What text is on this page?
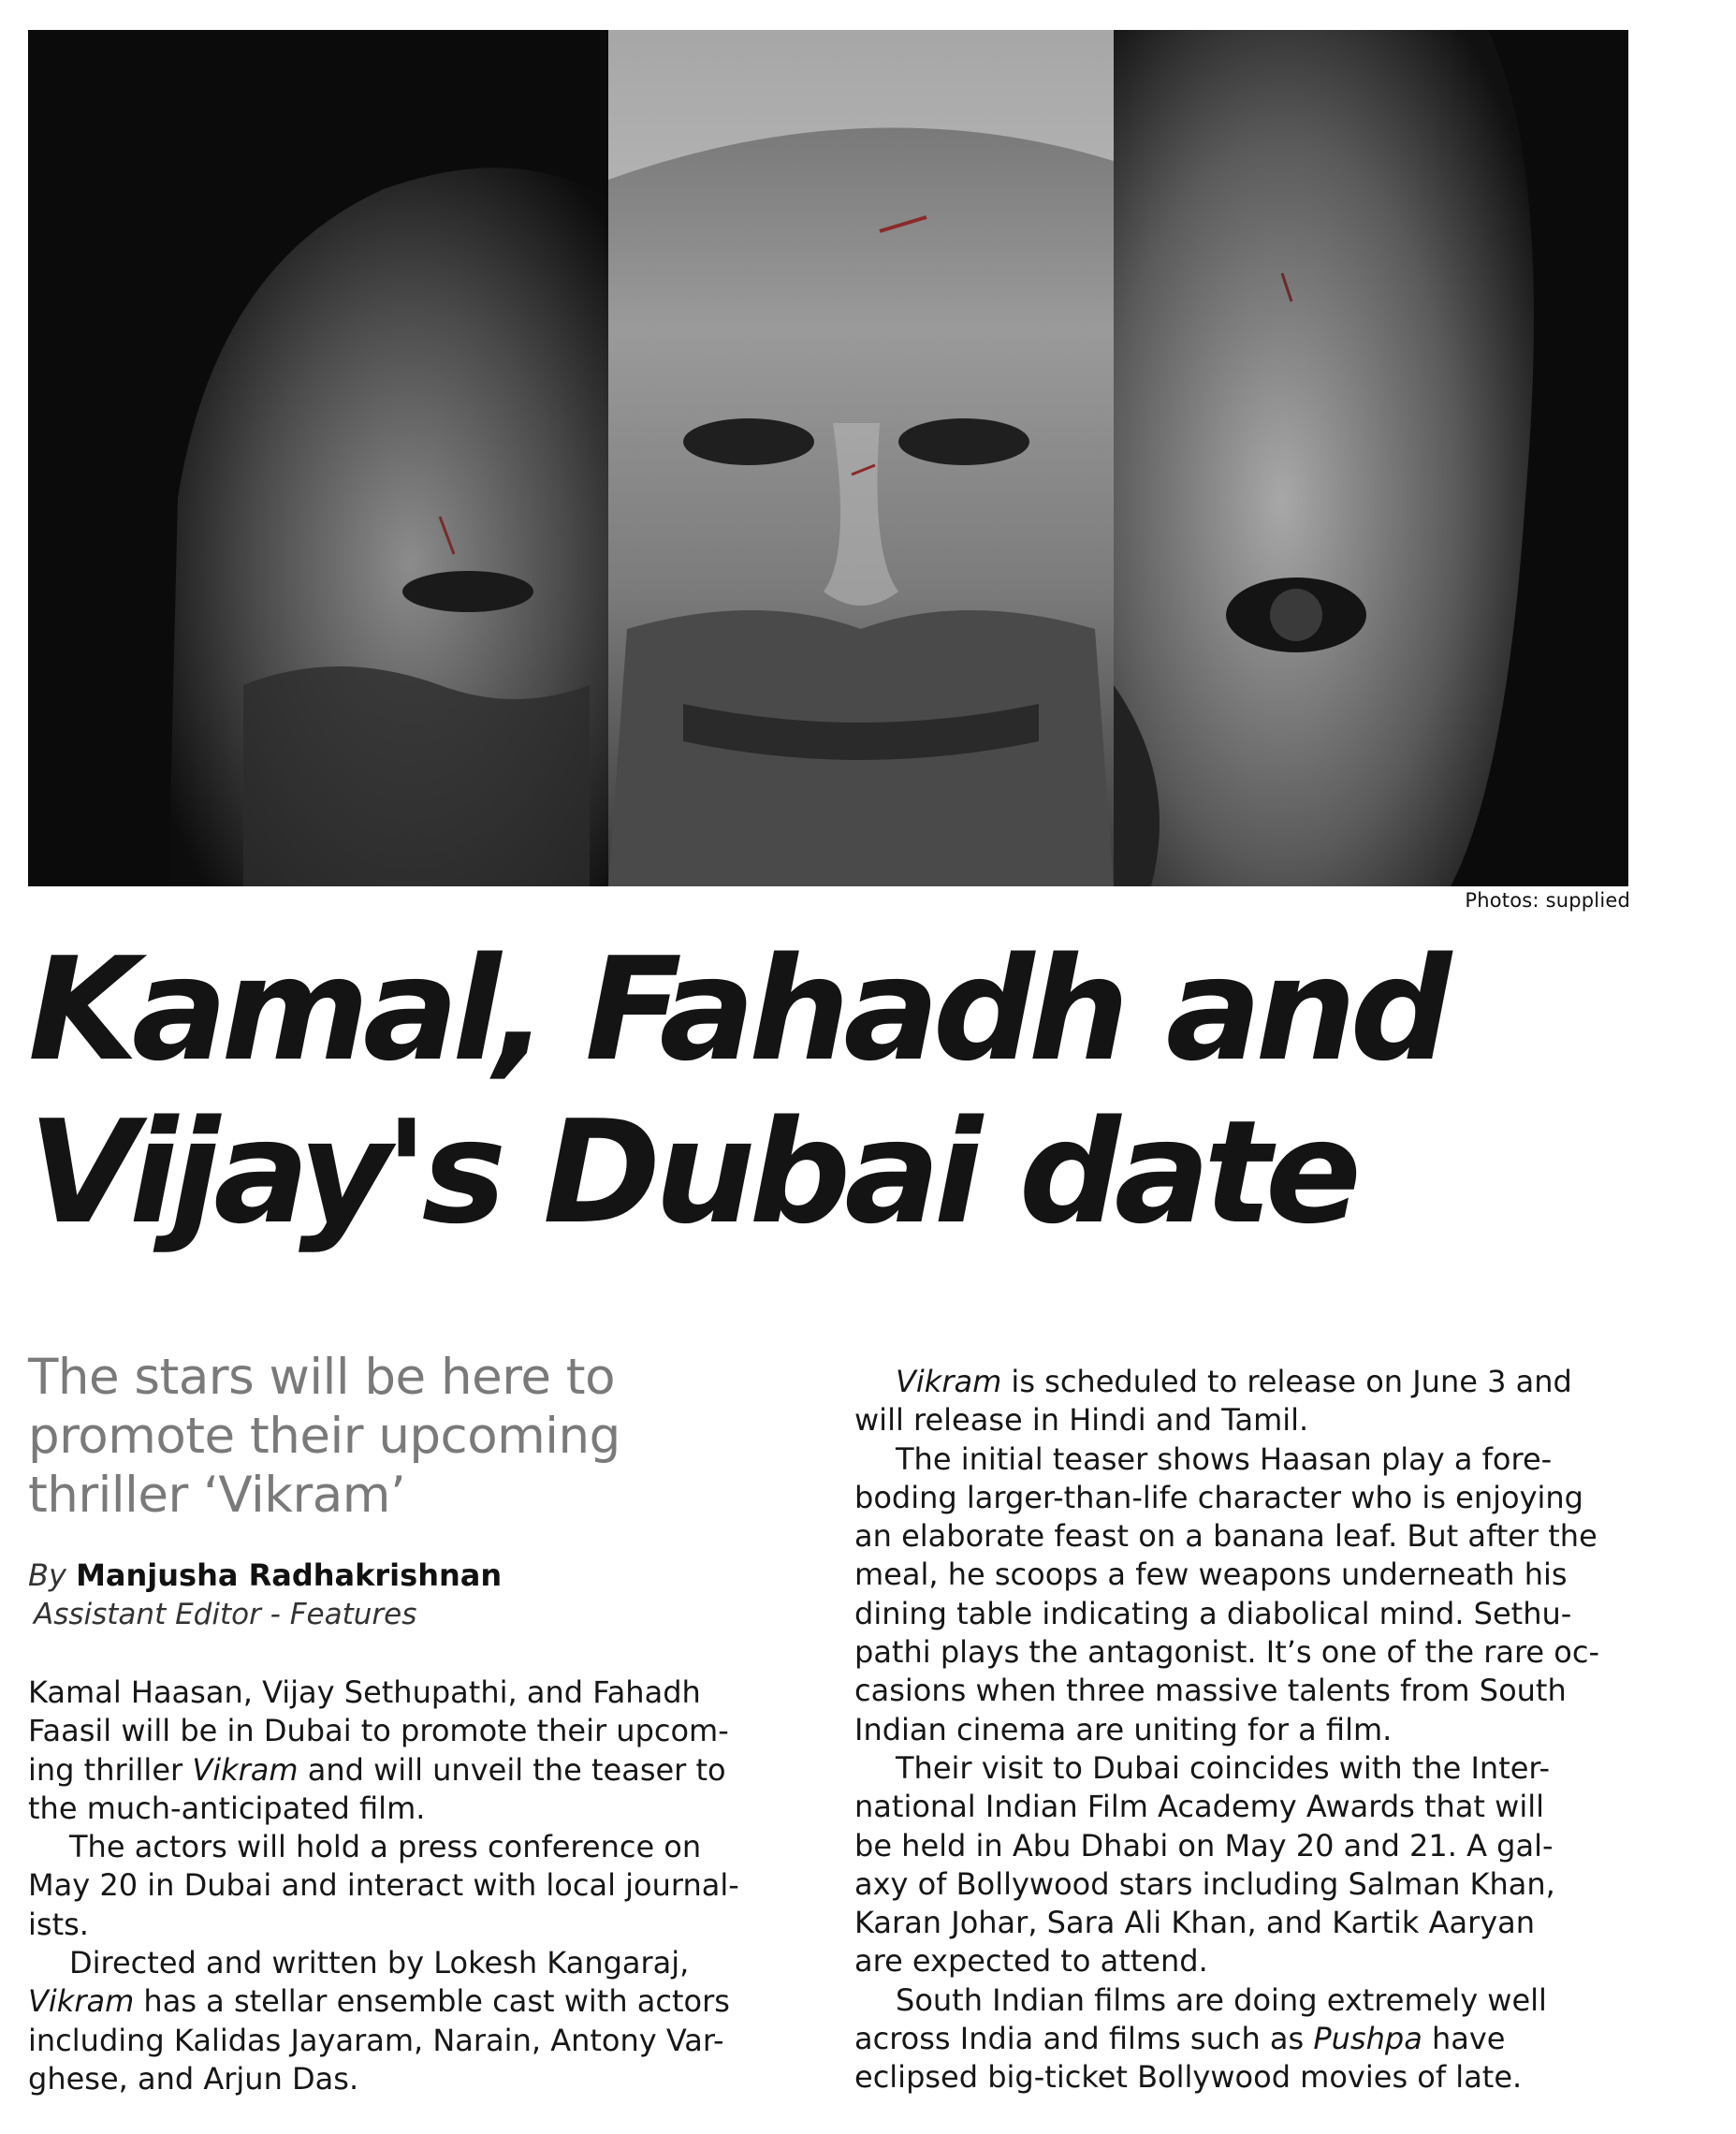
Photos: supplied
Kamal, Fahadh and
Vijay's Dubai date
The stars will be here to
promote their upcoming
thriller ‘Vikram’
By Manjusha Radhakrishnan
Assistant Editor - Features
Kamal Haasan, Vijay Sethupathi, and Fahadh
Faasil will be in Dubai to promote their upcom-
ing thriller Vikram and will unveil the teaser to
the much-anticipated film.
The actors will hold a press conference on
May 20 in Dubai and interact with local journal-
ists.
Directed and written by Lokesh Kangaraj,
Vikram has a stellar ensemble cast with actors
including Kalidas Jayaram, Narain, Antony Var-
ghese, and Arjun Das.
Vikram is scheduled to release on June 3 and
will release in Hindi and Tamil.
The initial teaser shows Haasan play a fore-
boding larger-than-life character who is enjoying
an elaborate feast on a banana leaf. But after the
meal, he scoops a few weapons underneath his
dining table indicating a diabolical mind. Sethu-
pathi plays the antagonist. It’s one of the rare oc-
casions when three massive talents from South
Indian cinema are uniting for a film.
Their visit to Dubai coincides with the Inter-
national Indian Film Academy Awards that will
be held in Abu Dhabi on May 20 and 21. A gal-
axy of Bollywood stars including Salman Khan,
Karan Johar, Sara Ali Khan, and Kartik Aaryan
are expected to attend.
South Indian films are doing extremely well
across India and films such as Pushpa have
eclipsed big-ticket Bollywood movies of late.
